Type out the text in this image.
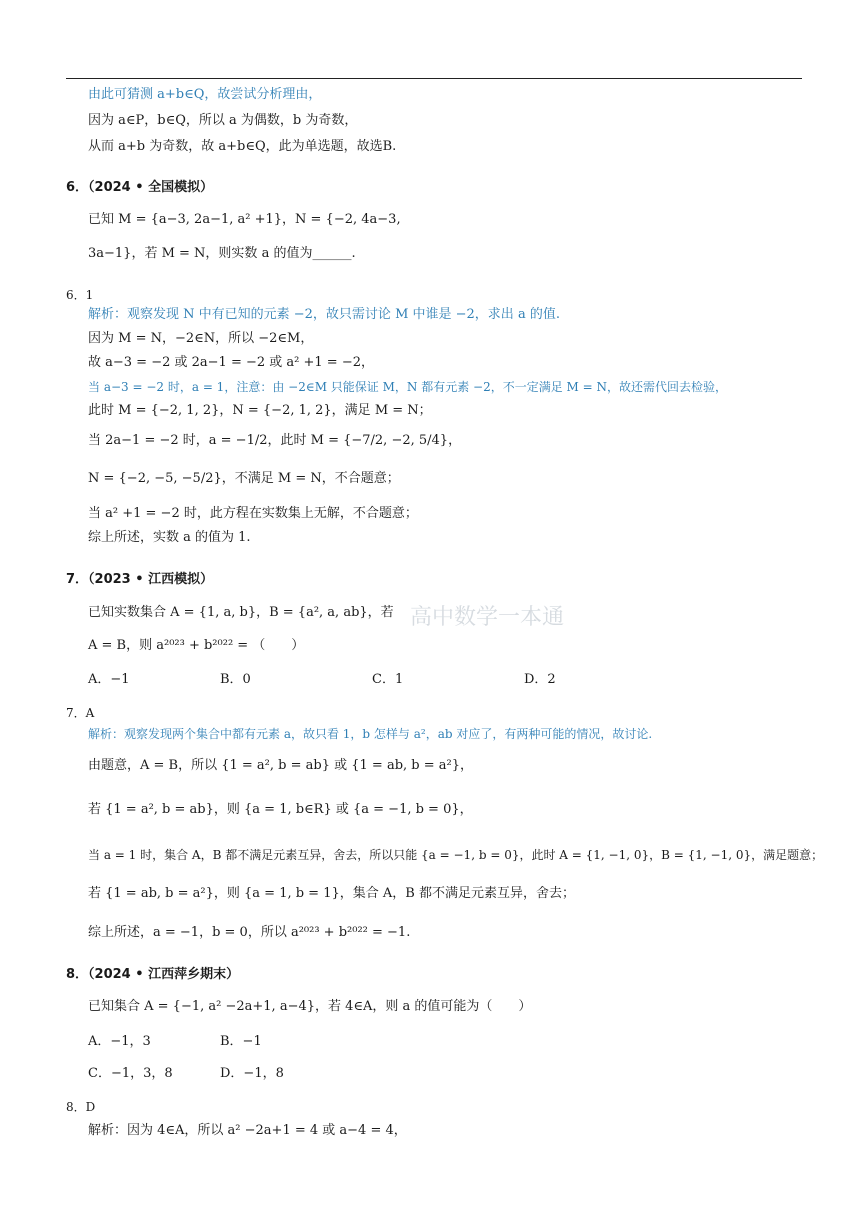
高中数学一本通
由此可猜测 a+b∈Q，故尝试分析理由，
因为 a∈P，b∈Q，所以 a 为偶数，b 为奇数，
从而 a+b 为奇数，故 a+b∈Q，此为单选题，故选B.
6．（2024 • 全国模拟）
已知 M = {a−3, 2a−1, a² +1}，N = {−2, 4a−3,
3a−1}，若 M = N，则实数 a 的值为______.
6．1
解析：观察发现 N 中有已知的元素 −2，故只需讨论 M 中谁是 −2，求出 a 的值.
因为 M = N，−2∈N，所以 −2∈M，
故 a−3 = −2 或 2a−1 = −2 或 a² +1 = −2，
当 a−3 = −2 时，a = 1，注意：由 −2∈M 只能保证 M，N 都有元素 −2，不一定满足 M = N，故还需代回去检验，
此时 M = {−2, 1, 2}，N = {−2, 1, 2}，满足 M = N；
当 2a−1 = −2 时，a = −1/2，此时 M = {−7/2, −2, 5/4}，
N = {−2, −5, −5/2}，不满足 M = N，不合题意；
当 a² +1 = −2 时，此方程在实数集上无解，不合题意；
综上所述，实数 a 的值为 1.
7．（2023 • 江西模拟）
已知实数集合 A = {1, a, b}，B = {a², a, ab}，若
A = B，则 a²⁰²³ + b²⁰²² = （　　）
A．−1	B．0	C．1	D．2
7．A
解析：观察发现两个集合中都有元素 a，故只看 1，b 怎样与 a²，ab 对应了，有两种可能的情况，故讨论.
由题意，A = B，所以 {1 = a², b = ab} 或 {1 = ab, b = a²}，
若 {1 = a², b = ab}，则 {a = 1, b∈R} 或 {a = −1, b = 0}，
当 a = 1 时，集合 A，B 都不满足元素互异，舍去，所以只能 {a = −1, b = 0}，此时 A = {1, −1, 0}，B = {1, −1, 0}，满足题意；
若 {1 = ab, b = a²}，则 {a = 1, b = 1}，集合 A，B 都不满足元素互异，舍去；
综上所述，a = −1，b = 0，所以 a²⁰²³ + b²⁰²² = −1.
8．（2024 • 江西萍乡期末）
已知集合 A = {−1, a² −2a+1, a−4}，若 4∈A，则 a 的值可能为（　　）
A．−1，3	B．−1
C．−1，3，8	D．−1，8
8．D
解析：因为 4∈A，所以 a² −2a+1 = 4 或 a−4 = 4，
